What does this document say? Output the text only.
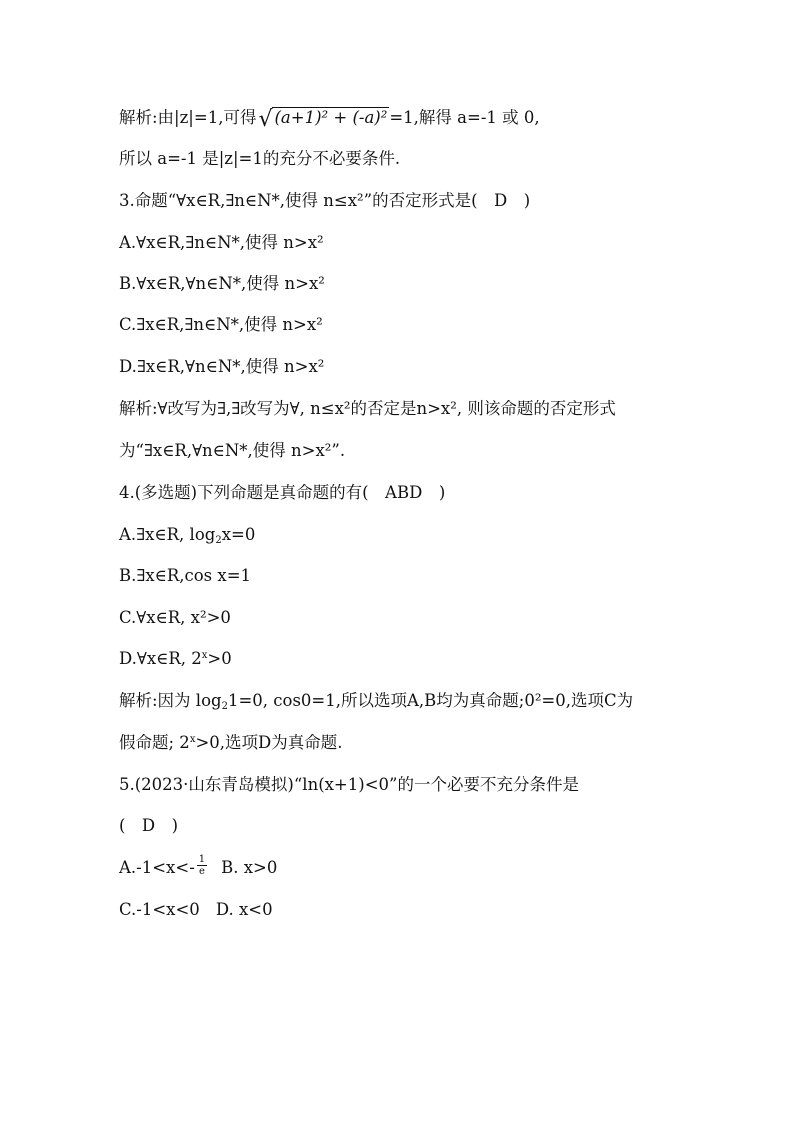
解析:由|z|=1,可得√ (a+1)² + (-a)² =1,解得 a=-1 或 0,
所以 a=-1 是|z|=1的充分不必要条件.
3.命题“∀x∈R,∃n∈N*,使得 n≤x²”的否定形式是(　D　)
A.∀x∈R,∃n∈N*,使得 n>x²
B.∀x∈R,∀n∈N*,使得 n>x²
C.∃x∈R,∃n∈N*,使得 n>x²
D.∃x∈R,∀n∈N*,使得 n>x²
解析:∀改写为∃,∃改写为∀, n≤x²的否定是n>x², 则该命题的否定形式
为“∃x∈R,∀n∈N*,使得 n>x²”.
4.(多选题)下列命题是真命题的有(　ABD　)
A.∃x∈R, $\log_2x=0$
B.∃x∈R,cos x=1
C.∀x∈R, x²>0
D.∀x∈R, $2^x>0$
解析:因为 $\log_21=0$, cos0=1,所以选项A,B均为真命题;0²=0,选项C为
假命题; $2^x>0$,选项D为真命题.
5.(2023·山东青岛模拟)“ln(x+1)<0”的一个必要不充分条件是
(　D　)
$A.-1<x<- \frac{1}{e} B$. x>0
C.-1<x<0 D. x<0
